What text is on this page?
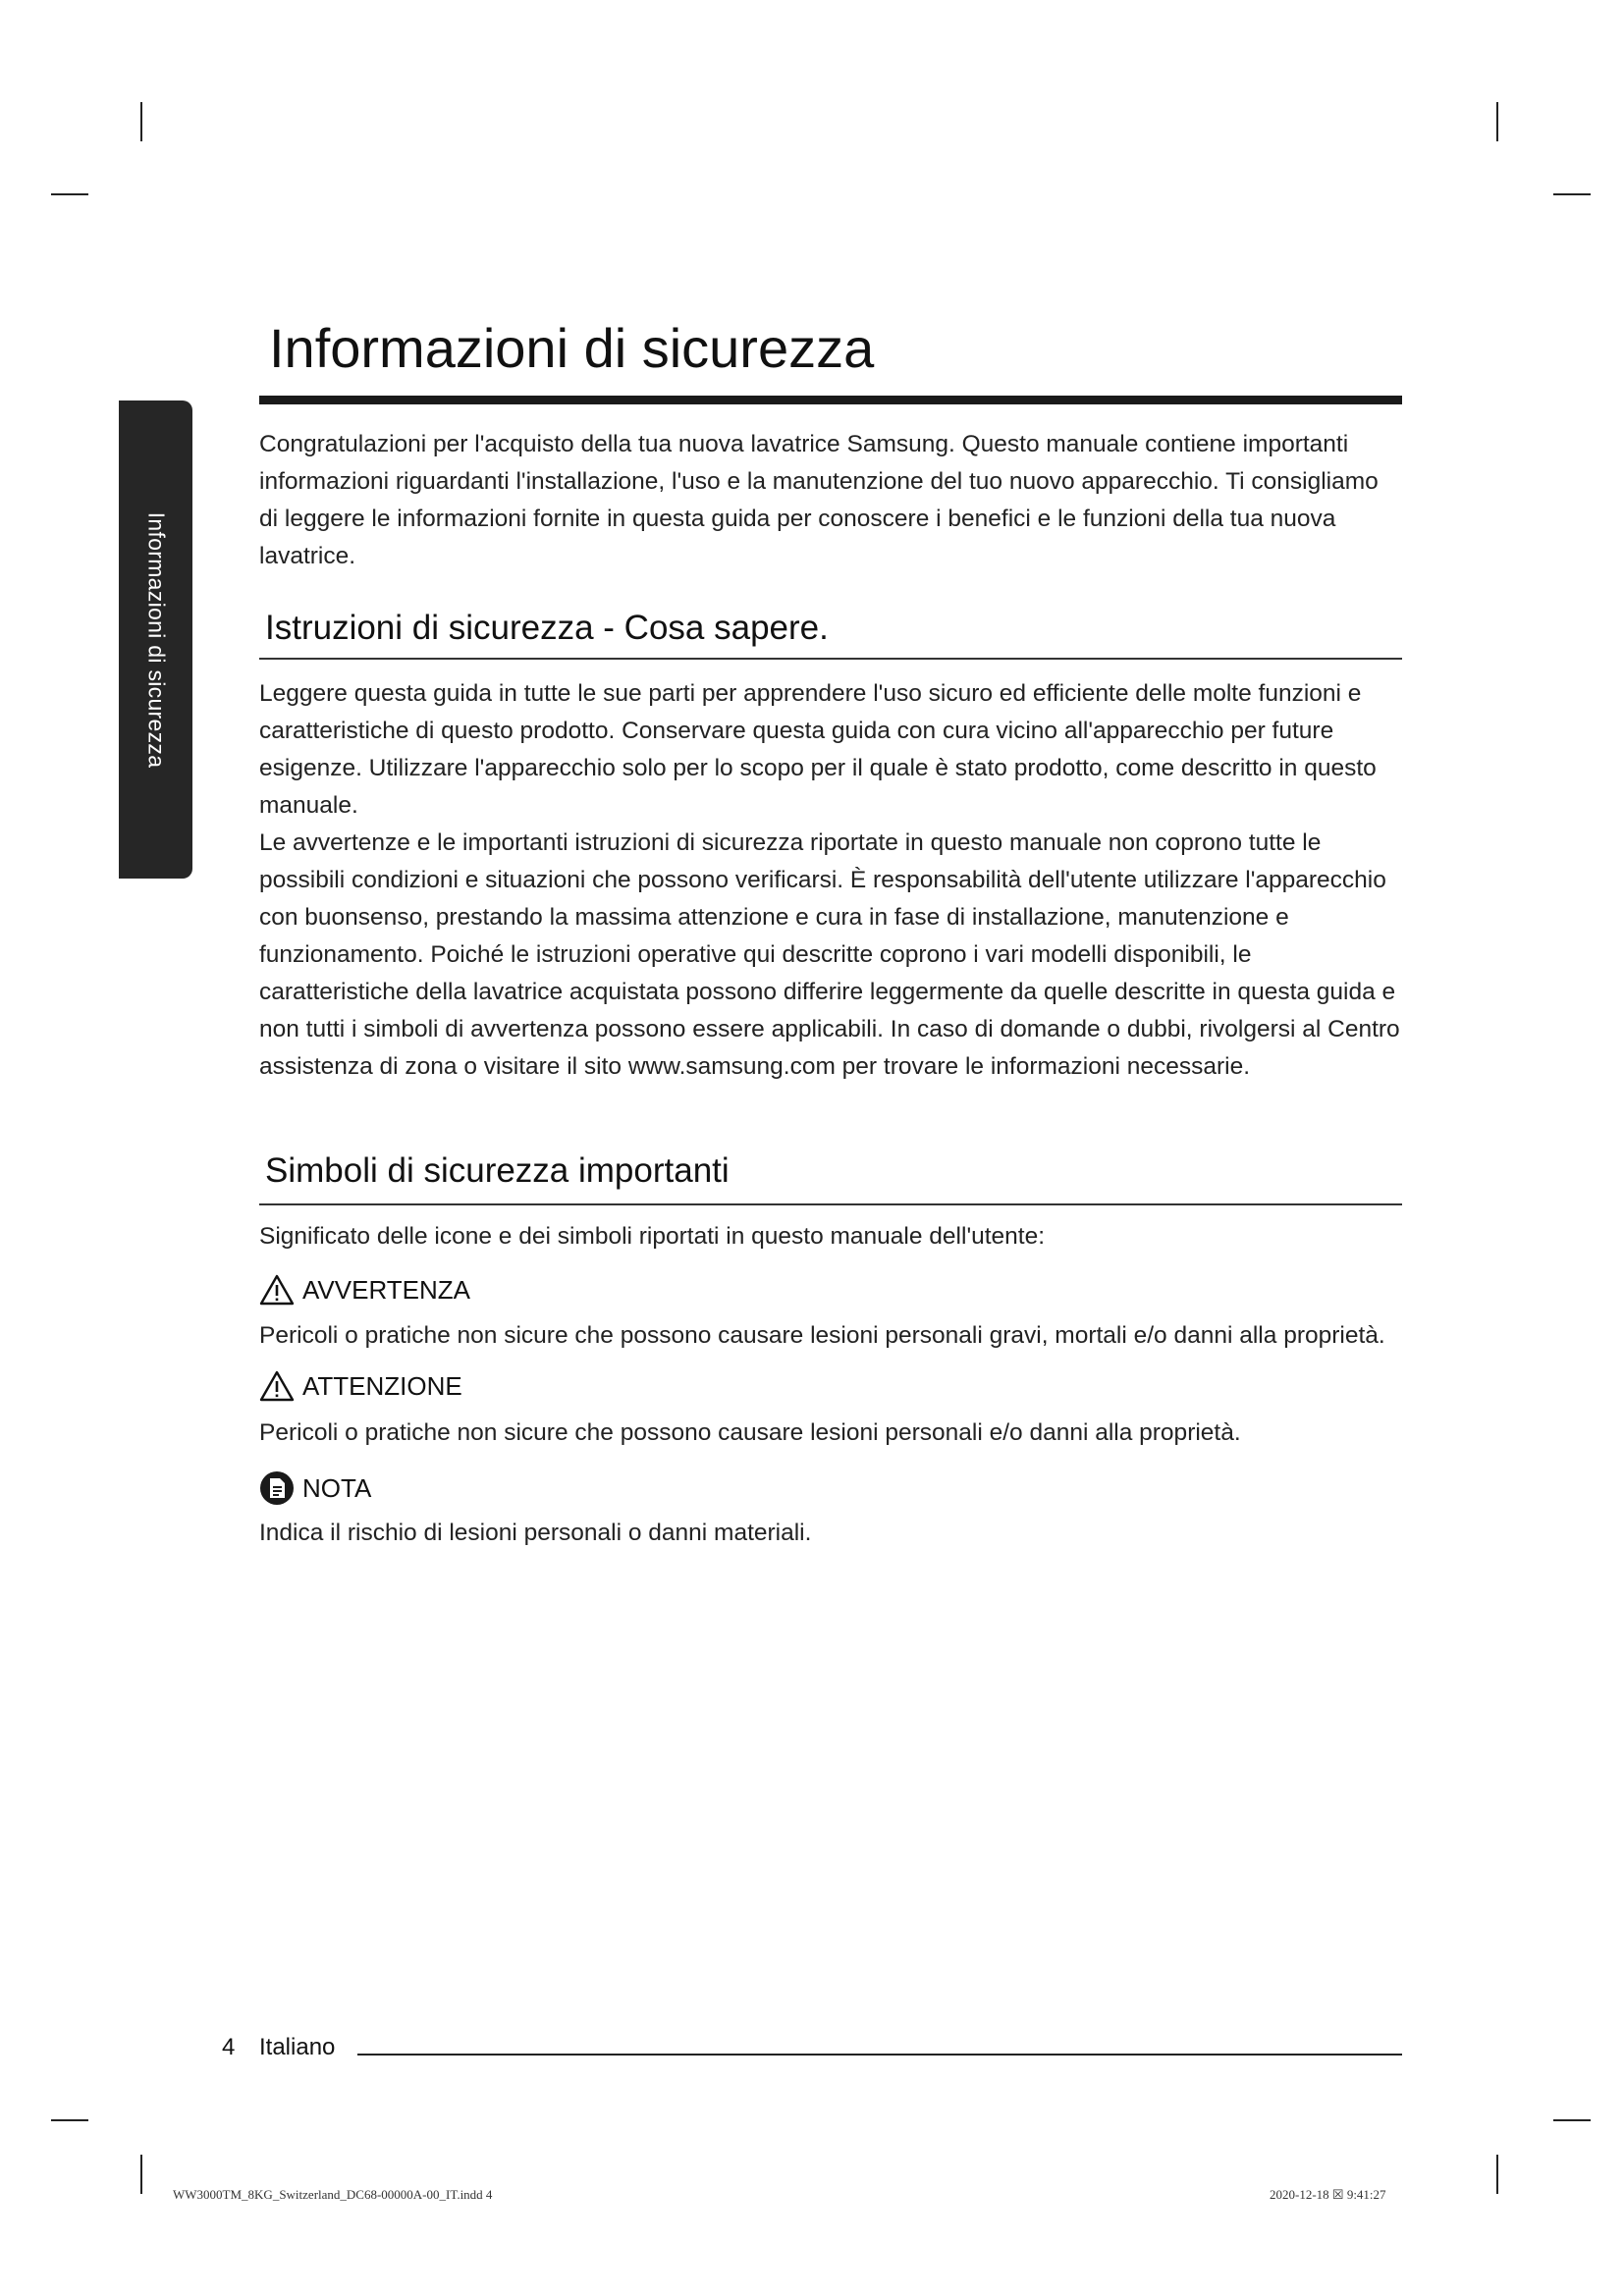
Informazioni di sicurezza
Informazioni di sicurezza

Congratulazioni per l'acquisto della tua nuova lavatrice Samsung. Questo manuale contiene importanti informazioni riguardanti l'installazione, l'uso e la manutenzione del tuo nuovo apparecchio. Ti consigliamo di leggere le informazioni fornite in questa guida per conoscere i benefici e le funzioni della tua nuova lavatrice.

Istruzioni di sicurezza - Cosa sapere.

Leggere questa guida in tutte le sue parti per apprendere l'uso sicuro ed efficiente delle molte funzioni e caratteristiche di questo prodotto. Conservare questa guida con cura vicino all'apparecchio per future esigenze. Utilizzare l'apparecchio solo per lo scopo per il quale è stato prodotto, come descritto in questo manuale.

Le avvertenze e le importanti istruzioni di sicurezza riportate in questo manuale non coprono tutte le possibili condizioni e situazioni che possono verificarsi. È responsabilità dell'utente utilizzare l'apparecchio con buonsenso, prestando la massima attenzione e cura in fase di installazione, manutenzione e funzionamento. Poiché le istruzioni operative qui descritte coprono i vari modelli disponibili, le caratteristiche della lavatrice acquistata possono differire leggermente da quelle descritte in questa guida e non tutti i simboli di avvertenza possono essere applicabili. In caso di domande o dubbi, rivolgersi al Centro assistenza di zona o visitare il sito www.samsung.com per trovare le informazioni necessarie.

Simboli di sicurezza importanti

Significato delle icone e dei simboli riportati in questo manuale dell'utente:

AVVERTENZA

Pericoli o pratiche non sicure che possono causare lesioni personali gravi, mortali e/o danni alla proprietà.

ATTENZIONE

Pericoli o pratiche non sicure che possono causare lesioni personali e/o danni alla proprietà.

NOTA

Indica il rischio di lesioni personali o danni materiali.

4 Italiano
WW3000TM_8KG_Switzerland_DC68-00000A-00_IT.indd 4	2020-12-18 ☒ 9:41:27
